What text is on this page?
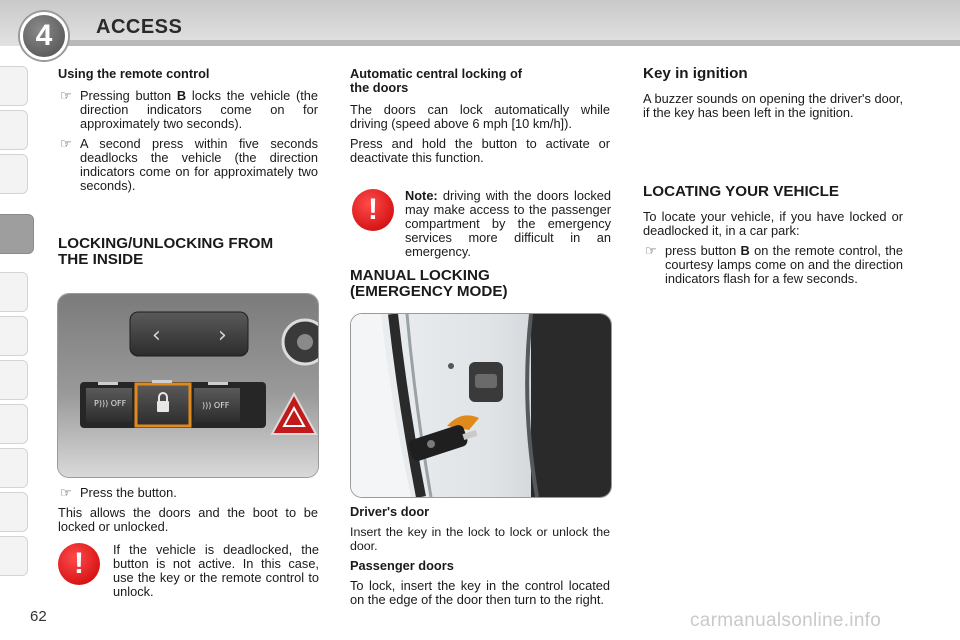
4	ACCESS
Using the remote control
☞ Pressing button B locks the vehicle (the direction indicators come on for approximately two seconds).
☞ A second press within five seconds deadlocks the vehicle (the direction indicators come on for approximately two seconds).
LOCKING/UNLOCKING FROM
THE INSIDE
‹	›
P))) OFF	))) OFF
☞ Press the button.

This allows the doors and the boot to be locked or unlocked.

!	If the vehicle is deadlocked, the button is not active. In this case, use the key or the remote control to unlock.

Automatic central locking of
the doors

The doors can lock automatically while driving (speed above 6 mph [10 km/h]).

Press and hold the button to activate or deactivate this function.

!	Note: driving with the doors locked may make access to the passenger compartment by the emergency services more difficult in an emergency.

MANUAL LOCKING
(EMERGENCY MODE)
Driver's door

Insert the key in the lock to lock or unlock the door.

Passenger doors

To lock, insert the key in the control located on the edge of the door then turn to the right.

Key in ignition

A buzzer sounds on opening the driver's door, if the key has been left in the ignition.

LOCATING YOUR VEHICLE

To locate your vehicle, if you have locked or deadlocked it, in a car park:

☞ press button B on the remote control, the courtesy lamps come on and the direction indicators flash for a few seconds.
62	carmanualsonline.info
